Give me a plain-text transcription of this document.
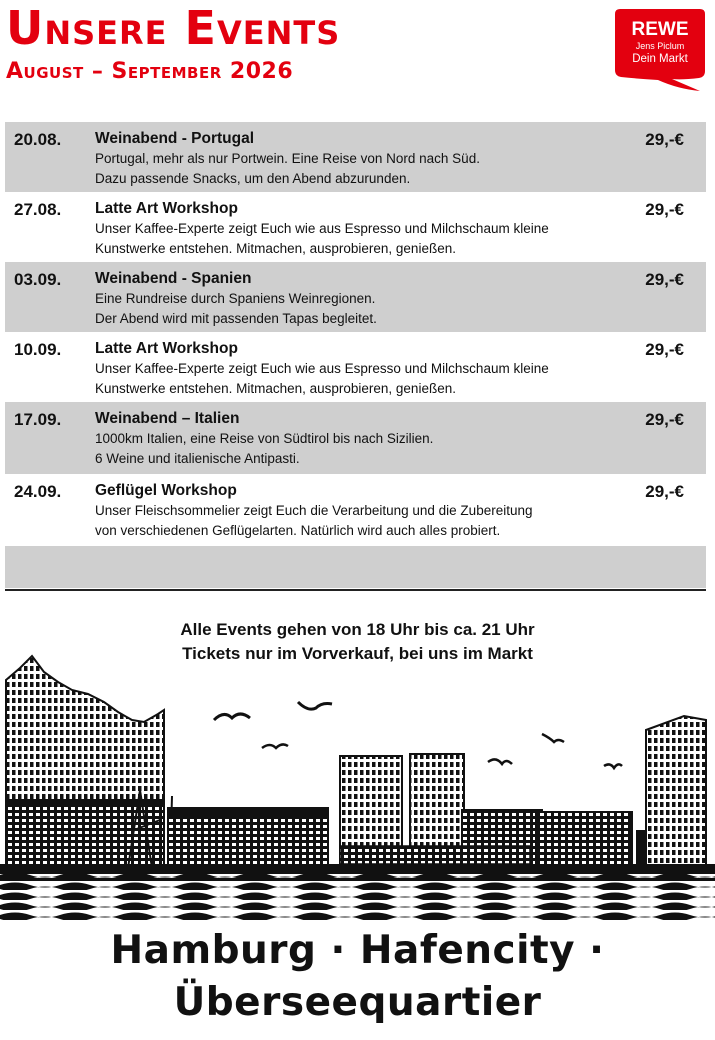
Unsere Events
August – September 2026
REWE
Jens Piclum
Dein Markt
20.08. Weinabend - Portugal
Portugal, mehr als nur Portwein. Eine Reise von Nord nach Süd.
Dazu passende Snacks, um den Abend abzurunden.
29,-€
27.08. Latte Art Workshop
Unser Kaffee-Experte zeigt Euch wie aus Espresso und Milchschaum kleine
Kunstwerke entstehen. Mitmachen, ausprobieren, genießen.
29,-€
03.09. Weinabend - Spanien
Eine Rundreise durch Spaniens Weinregionen.
Der Abend wird mit passenden Tapas begleitet.
29,-€
10.09. Latte Art Workshop
Unser Kaffee-Experte zeigt Euch wie aus Espresso und Milchschaum kleine
Kunstwerke entstehen. Mitmachen, ausprobieren, genießen.
29,-€
17.09. Weinabend – Italien
1000km Italien, eine Reise von Südtirol bis nach Sizilien.
6 Weine und italienische Antipasti.
29,-€
24.09. Geflügel Workshop
Unser Fleischsommelier zeigt Euch die Verarbeitung und die Zubereitung
von verschiedenen Geflügelarten. Natürlich wird auch alles probiert.
29,-€
Alle Events gehen von 18 Uhr bis ca. 21 Uhr
Tickets nur im Vorverkauf, bei uns im Markt
Hamburg · Hafencity · Überseequartier
